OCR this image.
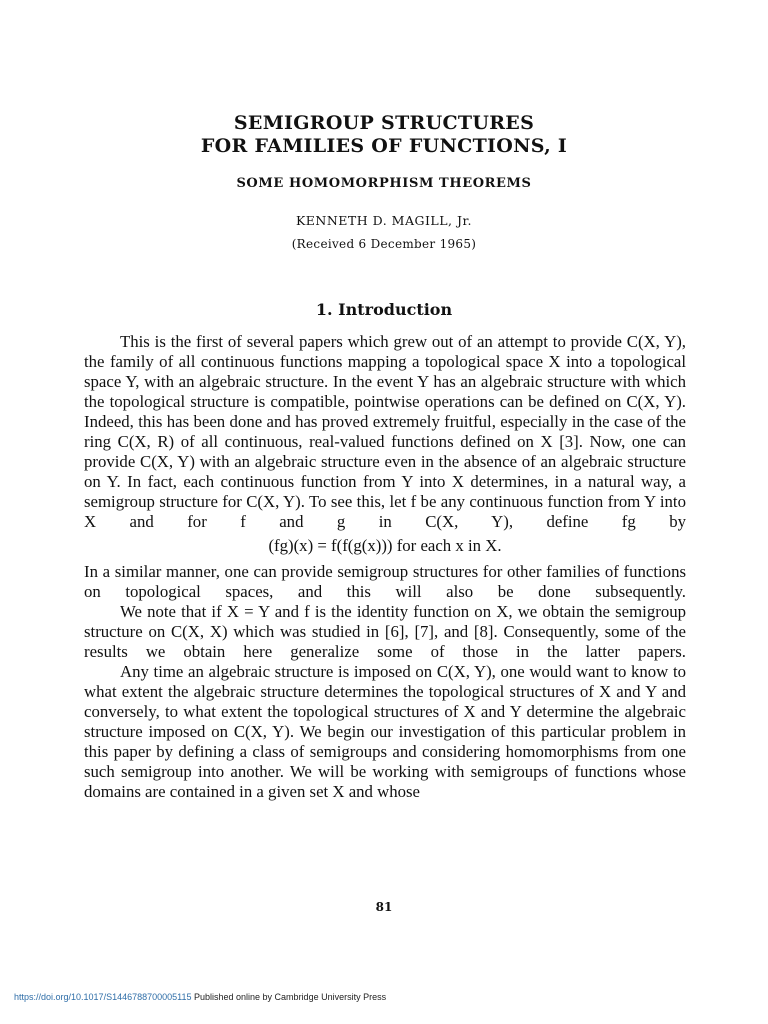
SEMIGROUP STRUCTURES
FOR FAMILIES OF FUNCTIONS, I
SOME HOMOMORPHISM THEOREMS
KENNETH D. MAGILL, Jr.
(Received 6 December 1965)
1. Introduction

This is the first of several papers which grew out of an attempt to provide C(X, Y), the family of all continuous functions mapping a topological space X into a topological space Y, with an algebraic structure. In the event Y has an algebraic structure with which the topological structure is compatible, pointwise operations can be defined on C(X, Y). Indeed, this has been done and has proved extremely fruitful, especially in the case of the ring C(X, R) of all continuous, real-valued functions defined on X [3]. Now, one can provide C(X, Y) with an algebraic structure even in the absence of an algebraic structure on Y. In fact, each continuous function from Y into X determines, in a natural way, a semigroup structure for C(X, Y). To see this, let f be any continuous function from Y into X and for f and g in C(X, Y), define fg by

(fg)(x) = f(f(g(x))) for each x in X.

In a similar manner, one can provide semigroup structures for other families of functions on topological spaces, and this will also be done subsequently.

We note that if X = Y and f is the identity function on X, we obtain the semigroup structure on C(X, X) which was studied in [6], [7], and [8]. Consequently, some of the results we obtain here generalize some of those in the latter papers.

Any time an algebraic structure is imposed on C(X, Y), one would want to know to what extent the algebraic structure determines the topological structures of X and Y and conversely, to what extent the topological structures of X and Y determine the algebraic structure imposed on C(X, Y). We begin our investigation of this particular problem in this paper by defining a class of semigroups and considering homomorphisms from one such semigroup into another. We will be working with semigroups of functions whose domains are contained in a given set X and whose

81
https://doi.org/10.1017/S1446788700005115 Published online by Cambridge University Press
